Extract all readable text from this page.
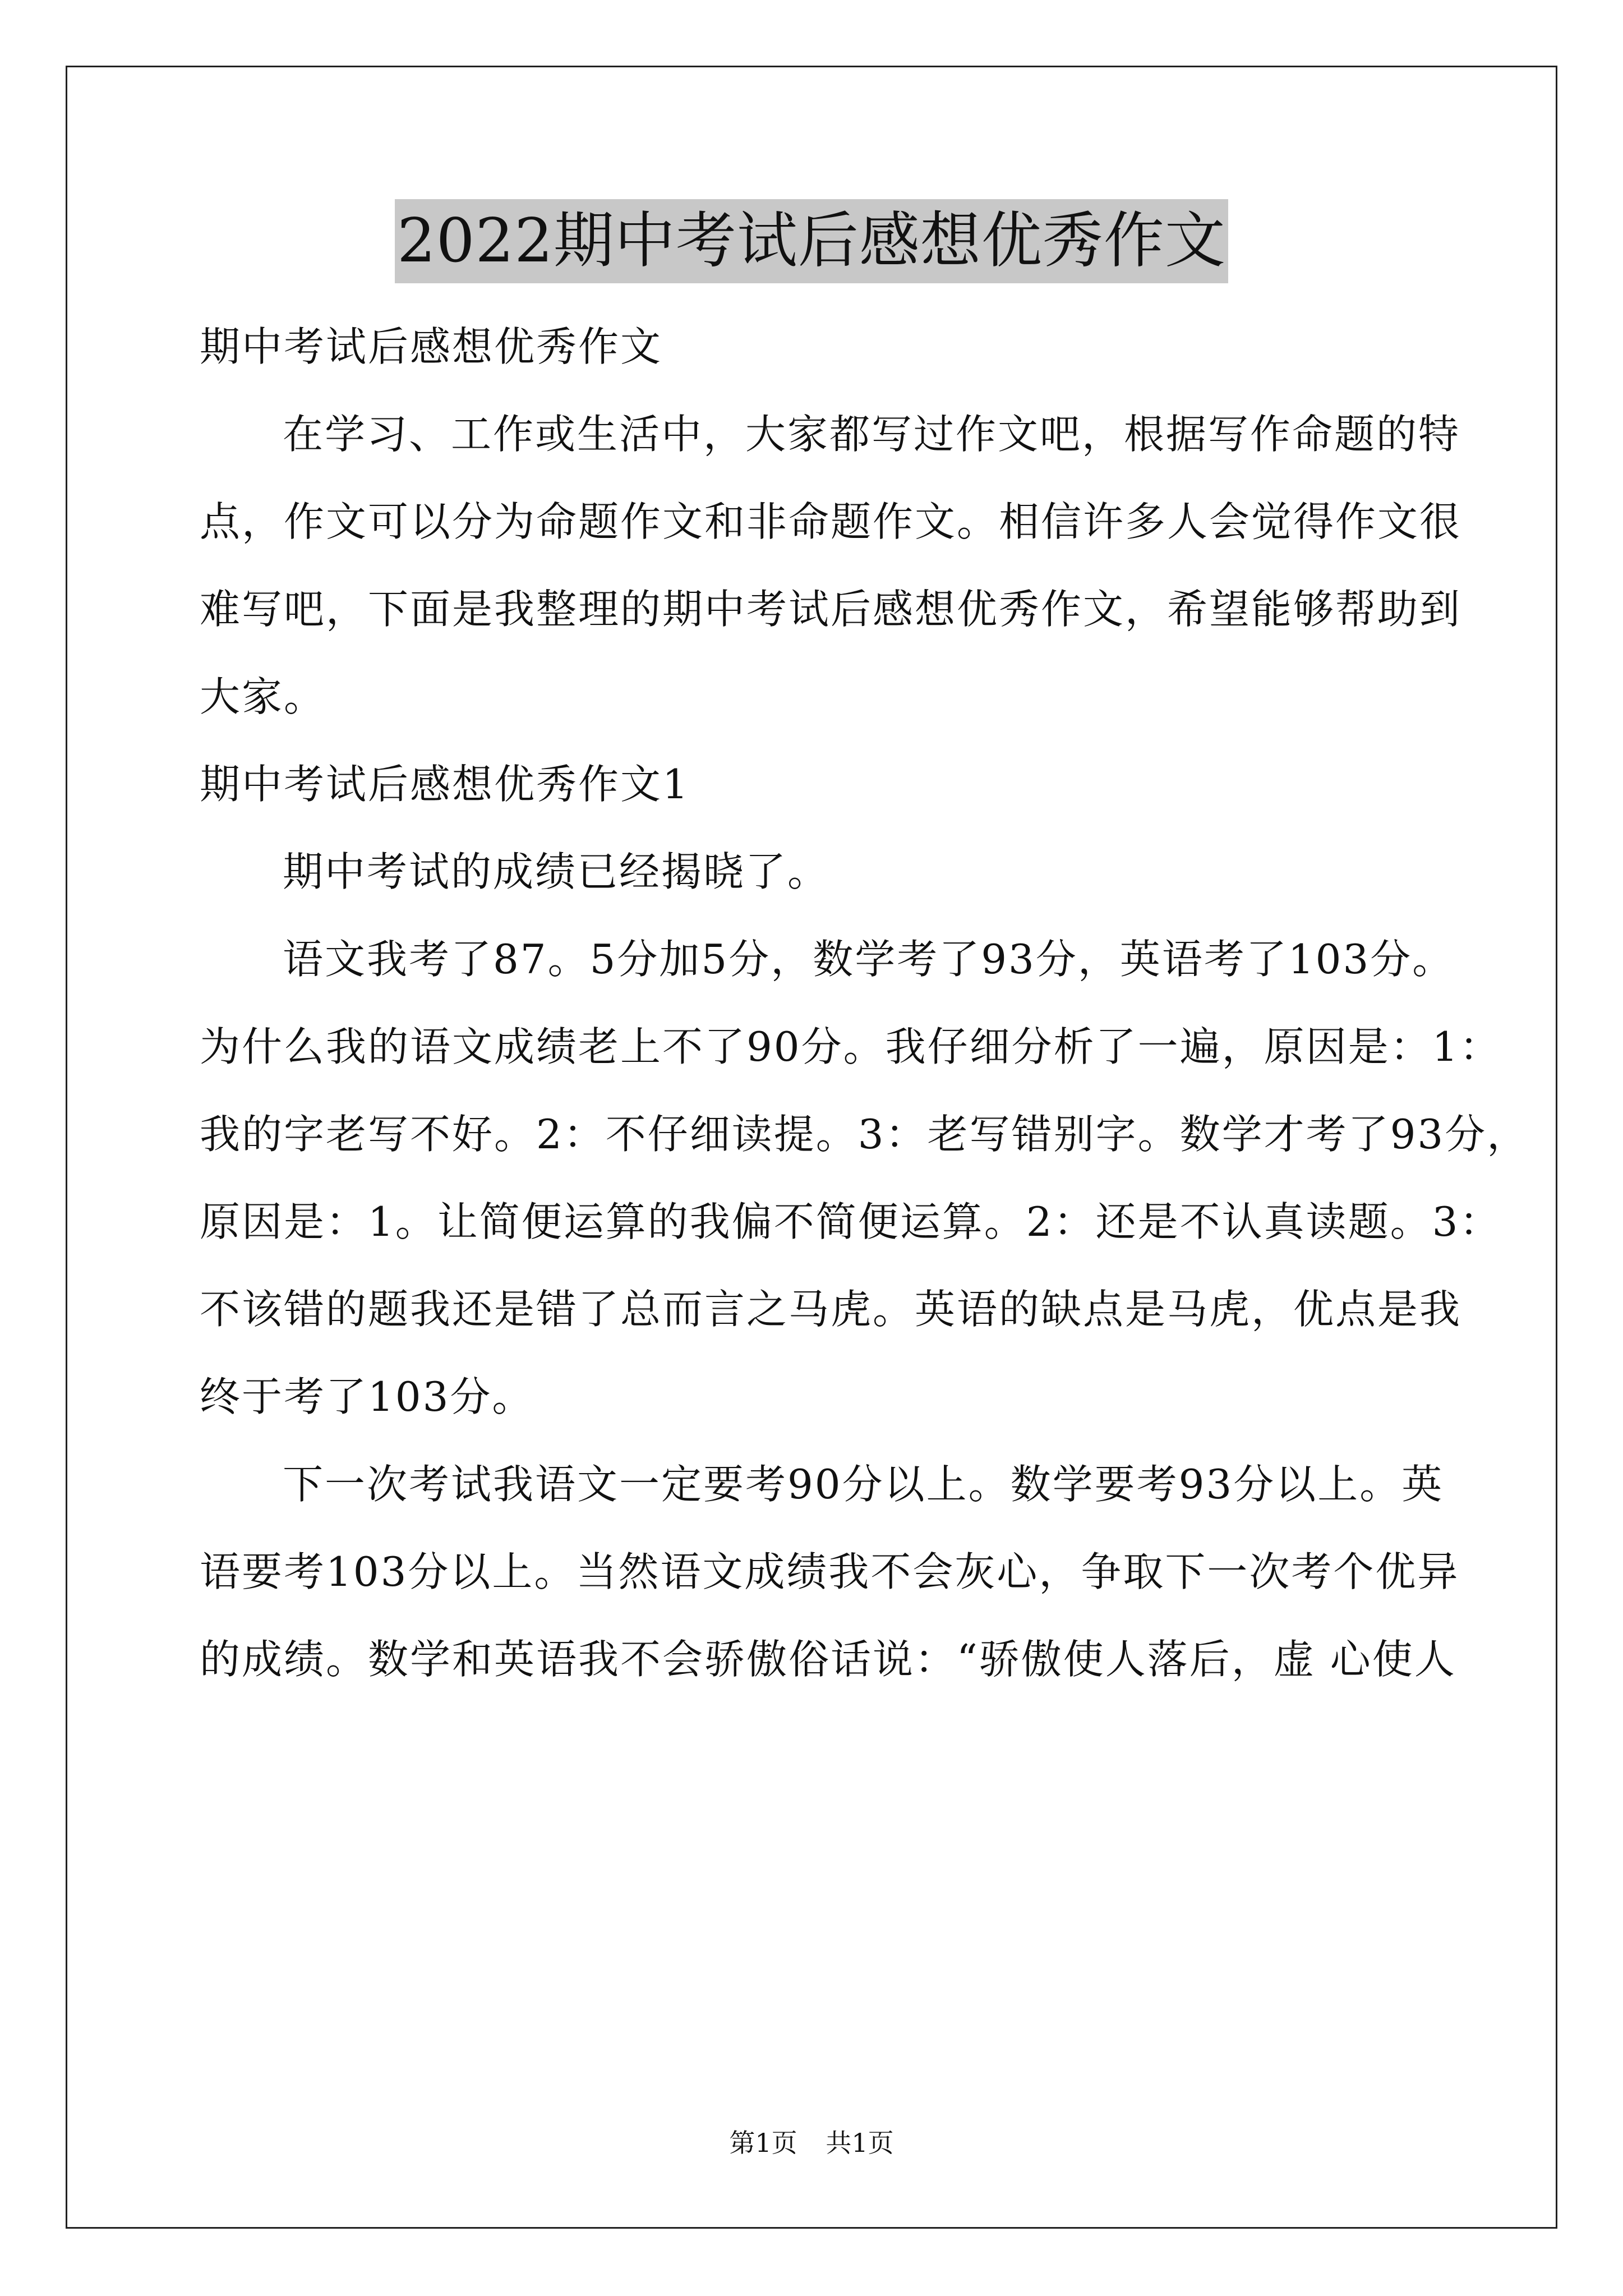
2022期中考试后感想优秀作文
期中考试后感想优秀作文
在学习、工作或生活中，大家都写过作文吧，根据写作命题的特
点，作文可以分为命题作文和非命题作文。相信许多人会觉得作文很
难写吧，下面是我整理的期中考试后感想优秀作文，希望能够帮助到
大家。
期中考试后感想优秀作文1
期中考试的成绩已经揭晓了。
语文我考了87。5分加5分，数学考了93分，英语考了103分。
为什么我的语文成绩老上不了90分。我仔细分析了一遍，原因是：1：
我的字老写不好。2：不仔细读提。3：老写错别字。数学才考了93分，
原因是：1。让简便运算的我偏不简便运算。2：还是不认真读题。3：
不该错的题我还是错了总而言之马虎。英语的缺点是马虎，优点是我
终于考了103分。
下一次考试我语文一定要考90分以上。数学要考93分以上。英
语要考103分以上。当然语文成绩我不会灰心，争取下一次考个优异
的成绩。数学和英语我不会骄傲俗话说：“骄傲使人落后，虚 心使人
第1页 共1页
